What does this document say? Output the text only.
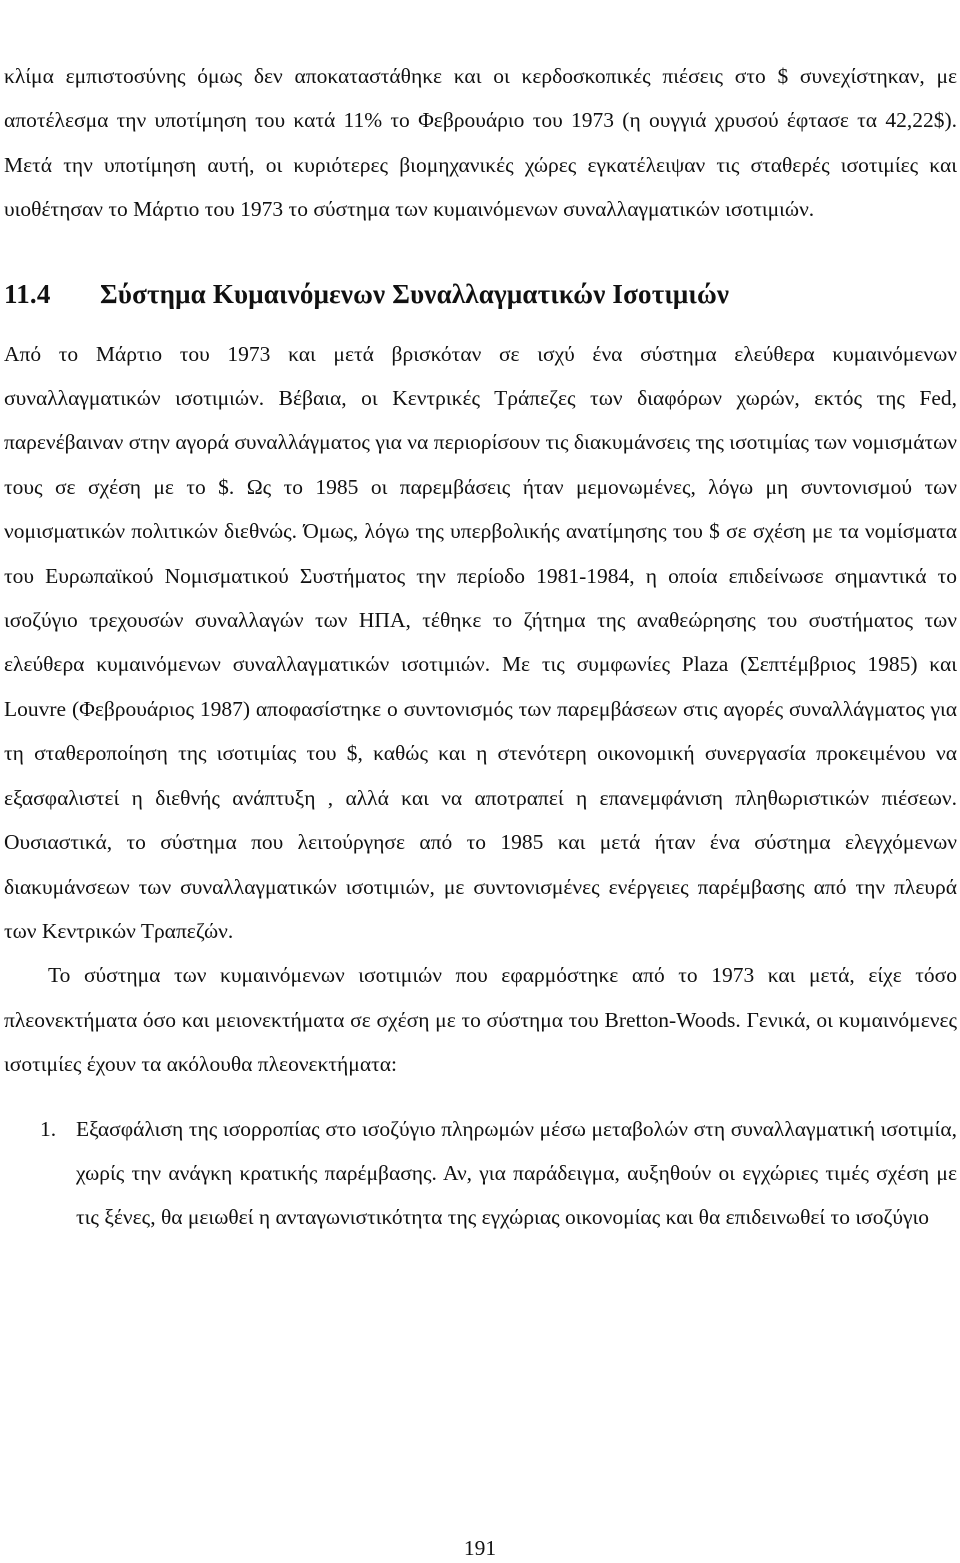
κλίμα εμπιστοσύνης όμως δεν αποκαταστάθηκε και οι κερδοσκοπικές πιέσεις στο $ συνεχίστηκαν, με αποτέλεσμα την υποτίμηση του κατά 11% το Φεβρουάριο του 1973 (η ουγγιά χρυσού έφτασε τα 42,22$). Μετά την υποτίμηση αυτή, οι κυριότερες βιομηχανικές χώρες εγκατέλειψαν τις σταθερές ισοτιμίες και υιοθέτησαν το Μάρτιο του 1973 το σύστημα των κυμαινόμενων συναλλαγματικών ισοτιμιών.

11.4 Σύστημα Κυμαινόμενων Συναλλαγματικών Ισοτιμιών

Από το Μάρτιο του 1973 και μετά βρισκόταν σε ισχύ ένα σύστημα ελεύθερα κυμαινόμενων συναλλαγματικών ισοτιμιών. Βέβαια, οι Κεντρικές Τράπεζες των διαφόρων χωρών, εκτός της Fed, παρενέβαιναν στην αγορά συναλλάγματος για να περιορίσουν τις διακυμάνσεις της ισοτιμίας των νομισμάτων τους σε σχέση με το $. Ως το 1985 οι παρεμβάσεις ήταν μεμονωμένες, λόγω μη συντονισμού των νομισματικών πολιτικών διεθνώς. Όμως, λόγω της υπερβολικής ανατίμησης του $ σε σχέση με τα νομίσματα του Ευρωπαϊκού Νομισματικού Συστήματος την περίοδο 1981-1984, η οποία επιδείνωσε σημαντικά το ισοζύγιο τρεχουσών συναλλαγών των ΗΠΑ, τέθηκε το ζήτημα της αναθεώρησης του συστήματος των ελεύθερα κυμαινόμενων συναλλαγματικών ισοτιμιών. Με τις συμφωνίες Plaza (Σεπτέμβριος 1985) και Louvre (Φεβρουάριος 1987) αποφασίστηκε ο συντονισμός των παρεμβάσεων στις αγορές συναλλάγματος για τη σταθεροποίηση της ισοτιμίας του $, καθώς και η στενότερη οικονομική συνεργασία προκειμένου να εξασφαλιστεί η διεθνής ανάπτυξη , αλλά και να αποτραπεί η επανεμφάνιση πληθωριστικών πιέσεων. Ουσιαστικά, το σύστημα που λειτούργησε από το 1985 και μετά ήταν ένα σύστημα ελεγχόμενων διακυμάνσεων των συναλλαγματικών ισοτιμιών, με συντονισμένες ενέργειες παρέμβασης από την πλευρά των Κεντρικών Τραπεζών.

Το σύστημα των κυμαινόμενων ισοτιμιών που εφαρμόστηκε από το 1973 και μετά, είχε τόσο πλεονεκτήματα όσο και μειονεκτήματα σε σχέση με το σύστημα του Bretton-Woods. Γενικά, οι κυμαινόμενες ισοτιμίες έχουν τα ακόλουθα πλεονεκτήματα:

1. Εξασφάλιση της ισορροπίας στο ισοζύγιο πληρωμών μέσω μεταβολών στη συναλλαγματική ισοτιμία, χωρίς την ανάγκη κρατικής παρέμβασης. Αν, για παράδειγμα, αυξηθούν οι εγχώριες τιμές σχέση με τις ξένες, θα μειωθεί η ανταγωνιστικότητα της εγχώριας οικονομίας και θα επιδεινωθεί το ισοζύγιο

191
